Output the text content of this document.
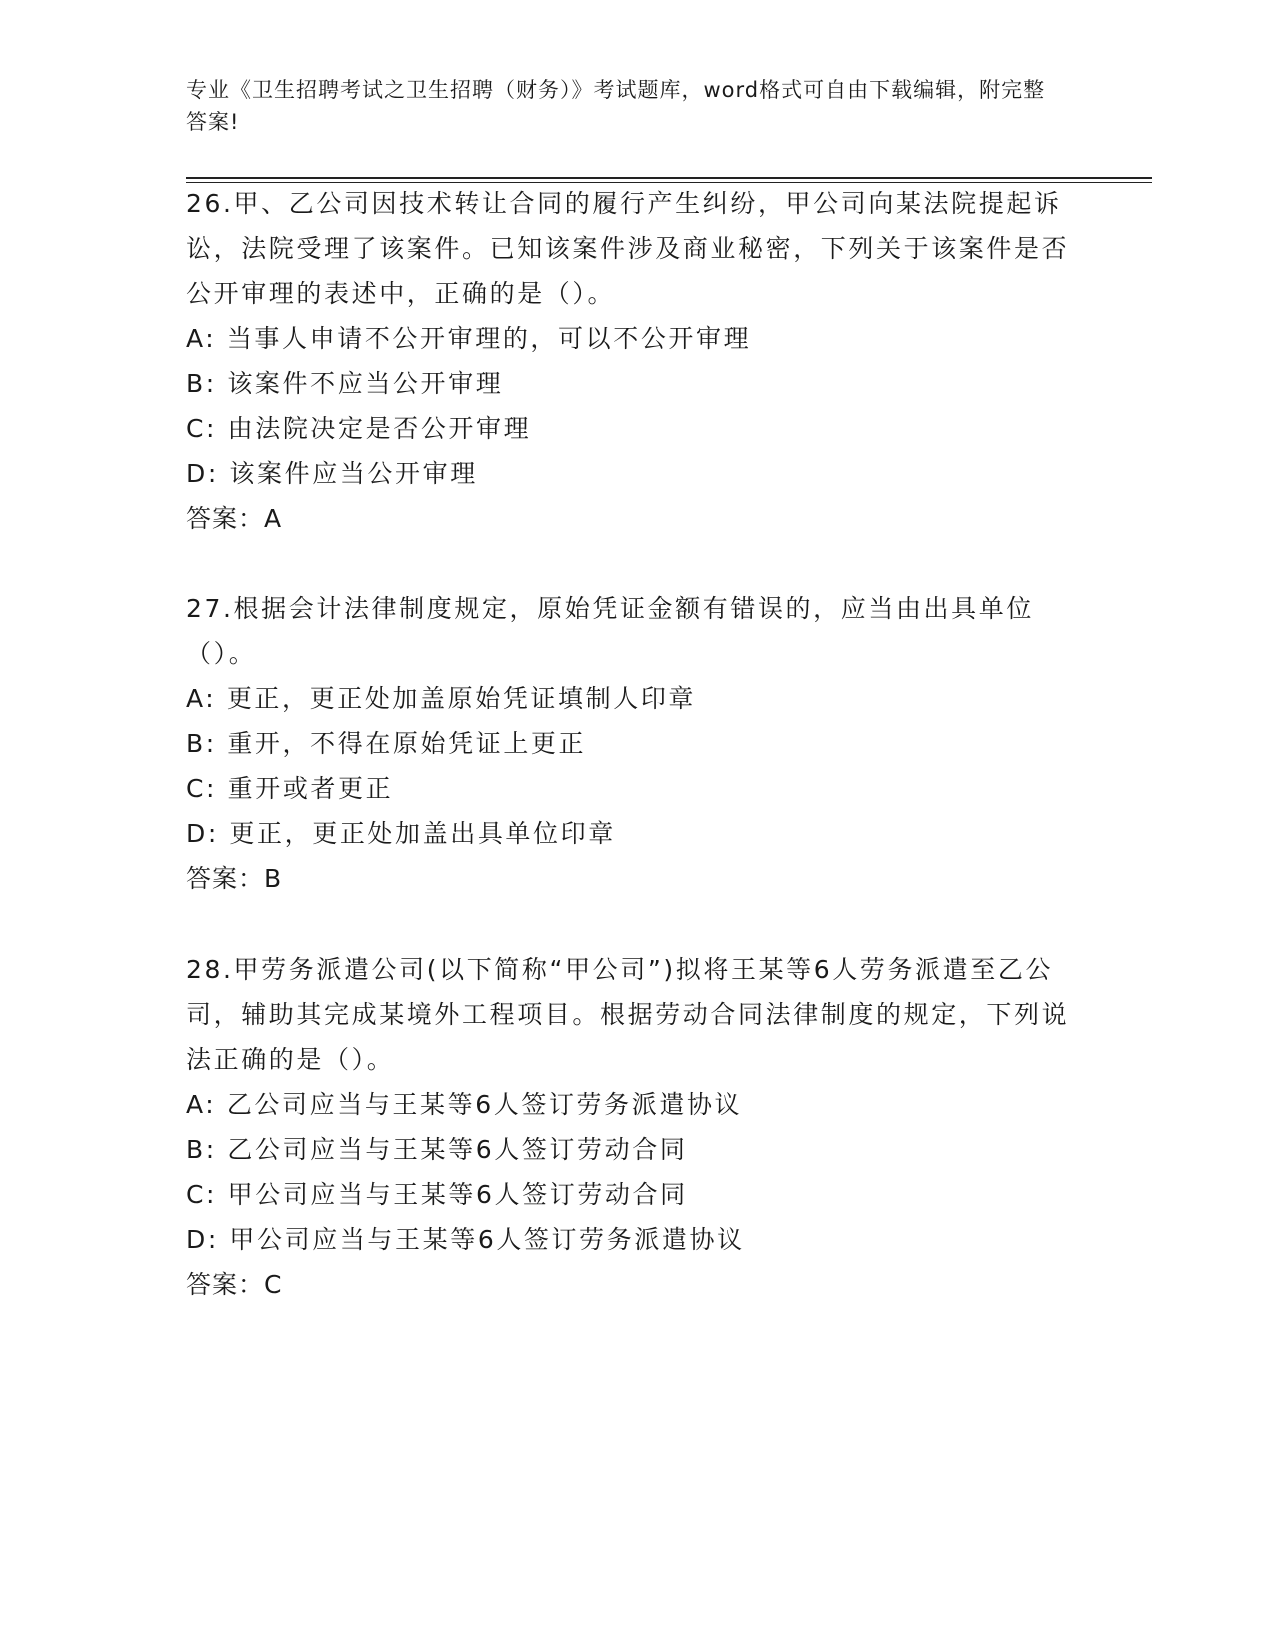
专业《卫生招聘考试之卫生招聘（财务）》考试题库，word格式可自由下载编辑，附完整答案!

26.甲、乙公司因技术转让合同的履行产生纠纷，甲公司向某法院提起诉讼，法院受理了该案件。已知该案件涉及商业秘密，下列关于该案件是否公开审理的表述中，正确的是（）。

A: 当事人申请不公开审理的，可以不公开审理

B: 该案件不应当公开审理

C: 由法院决定是否公开审理

D: 该案件应当公开审理

答案：A

27.根据会计法律制度规定，原始凭证金额有错误的，应当由出具单位（）。

A: 更正，更正处加盖原始凭证填制人印章

B: 重开，不得在原始凭证上更正

C: 重开或者更正

D: 更正，更正处加盖出具单位印章

答案：B

28.甲劳务派遣公司(以下简称“甲公司”)拟将王某等6人劳务派遣至乙公司，辅助其完成某境外工程项目。根据劳动合同法律制度的规定，下列说法正确的是（）。

A: 乙公司应当与王某等6人签订劳务派遣协议

B: 乙公司应当与王某等6人签订劳动合同

C: 甲公司应当与王某等6人签订劳动合同

D: 甲公司应当与王某等6人签订劳务派遣协议

答案：C
